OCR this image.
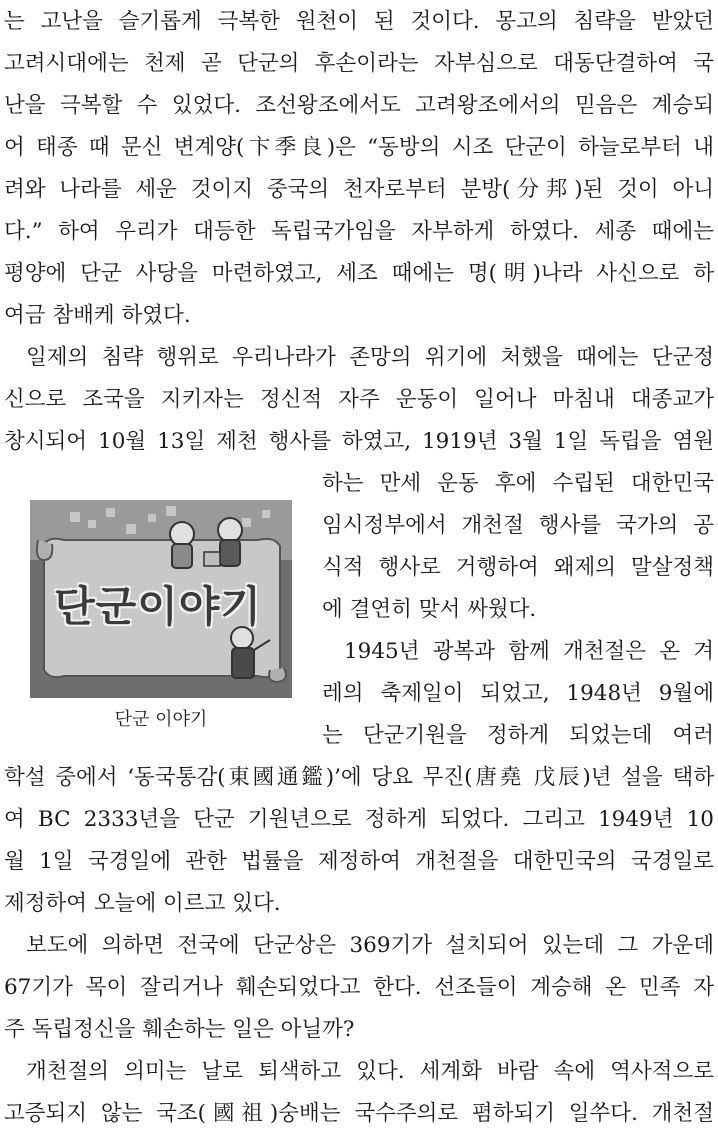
는 고난을 슬기롭게 극복한 원천이 된 것이다. 몽고의 침략을 받았던
고려시대에는 천제 곧 단군의 후손이라는 자부심으로 대동단결하여 국
난을 극복할 수 있었다. 조선왕조에서도 고려왕조에서의 믿음은 계승되
어 태종 때 문신 변계양(卞季良)은 “동방의 시조 단군이 하늘로부터 내
려와 나라를 세운 것이지 중국의 천자로부터 분방(分邦)된 것이 아니
다.” 하여 우리가 대등한 독립국가임을 자부하게 하였다. 세종 때에는
평양에 단군 사당을 마련하였고, 세조 때에는 명(明)나라 사신으로 하
여금 참배케 하였다.
일제의 침략 행위로 우리나라가 존망의 위기에 처했을 때에는 단군정
신으로 조국을 지키자는 정신적 자주 운동이 일어나 마침내 대종교가
창시되어 10월 13일 제천 행사를 하였고, 1919년 3월 1일 독립을 염원
하는 만세 운동 후에 수립된 대한민국
임시정부에서 개천절 행사를 국가의 공
식적 행사로 거행하여 왜제의 말살정책
에 결연히 맞서 싸웠다.
1945년 광복과 함께 개천절은 온 겨
레의 축제일이 되었고, 1948년 9월에
는 단군기원을 정하게 되었는데 여러
학설 중에서 ‘동국통감(東國通鑑)’에 당요 무진(唐堯 戊辰)년 설을 택하
여 BC 2333년을 단군 기원년으로 정하게 되었다. 그리고 1949년 10
월 1일 국경일에 관한 법률을 제정하여 개천절을 대한민국의 국경일로
제정하여 오늘에 이르고 있다.
보도에 의하면 전국에 단군상은 369기가 설치되어 있는데 그 가운데
67기가 목이 잘리거나 훼손되었다고 한다. 선조들이 계승해 온 민족 자
주 독립정신을 훼손하는 일은 아닐까?
개천절의 의미는 날로 퇴색하고 있다. 세계화 바람 속에 역사적으로
고증되지 않는 국조(國祖)숭배는 국수주의로 폄하되기 일쑤다. 개천절
단군이야기
단군 이야기
